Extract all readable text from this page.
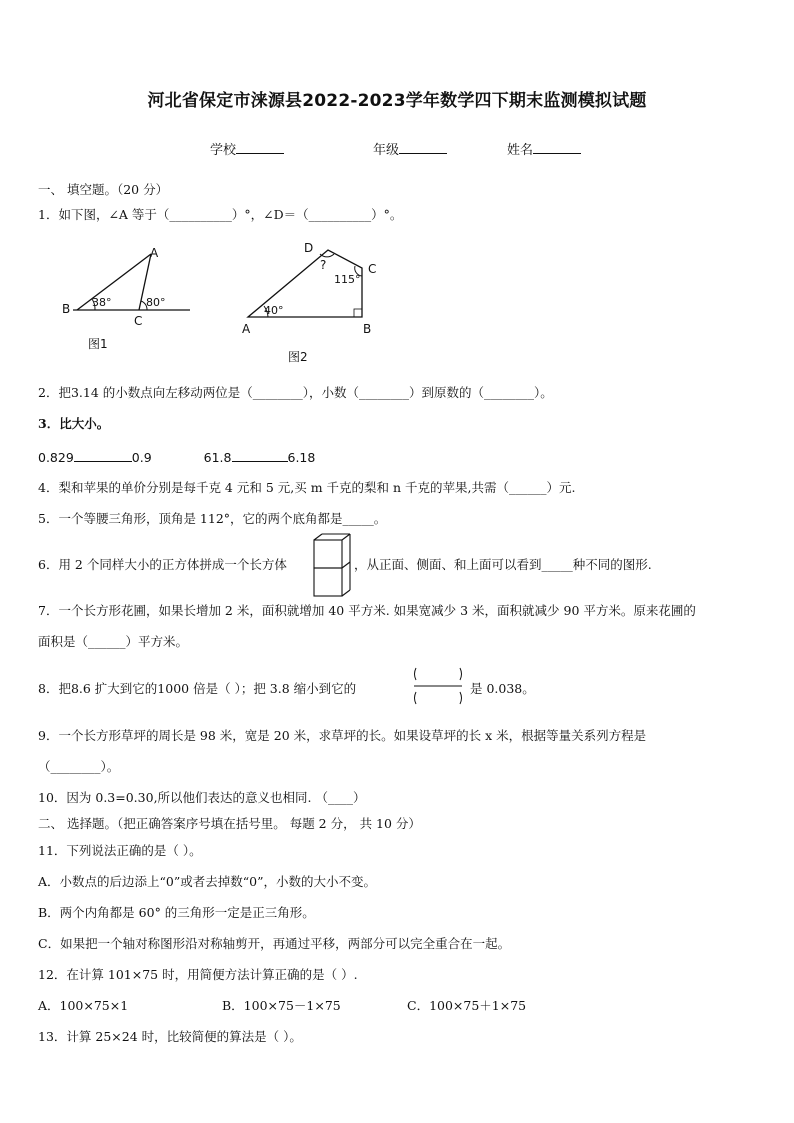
河北省保定市涞源县2022-2023学年数学四下期末监测模拟试题
学校	年级	姓名
一、 填空题。（20 分）
1．如下图，∠A 等于（__________）°，∠D＝（__________）°。
A
B
C
38°	80°
图1
D
C
A	B
?
115°
40°
图2
2．把3.14 的小数点向左移动两位是（________），小数（________）到原数的（________）。
3．比大小。
0.829	0.9	61.8	6.18
4．梨和苹果的单价分别是每千克 4 元和 5 元,买 m 千克的梨和 n 千克的苹果,共需（______）元.
5．一个等腰三角形，顶角是 112°，它的两个底角都是_____。
6．用 2 个同样大小的正方体拼成一个长方体	，从正面、侧面、和上面可以看到_____种不同的图形.
7．一个长方形花圃，如果长增加 2 米，面积就增加 40 平方米. 如果宽减少 3 米，面积就减少 90 平方米。原来花圃的
面积是（______）平方米。
8．把8.6 扩大到它的1000 倍是（ ）；把 3.8 缩小到它的	是 0.038。
9．一个长方形草坪的周长是 98 米，宽是 20 米，求草坪的长。如果设草坪的长 x 米，根据等量关系列方程是
（________）。
10．因为 0.3=0.30,所以他们表达的意义也相同. （____）
二、 选择题。（把正确答案序号填在括号里。 每题 2 分， 共 10 分）
11．下列说法正确的是（ ）。
A．小数点的后边添上“0”或者去掉数“0”，小数的大小不变。
B．两个内角都是 60° 的三角形一定是正三角形。
C．如果把一个轴对称图形沿对称轴剪开，再通过平移，两部分可以完全重合在一起。
12．在计算 101×75 时，用简便方法计算正确的是（ ）.
A．100×75×1	B．100×75－1×75	C．100×75＋1×75
13．计算 25×24 时，比较简便的算法是（ ）。
